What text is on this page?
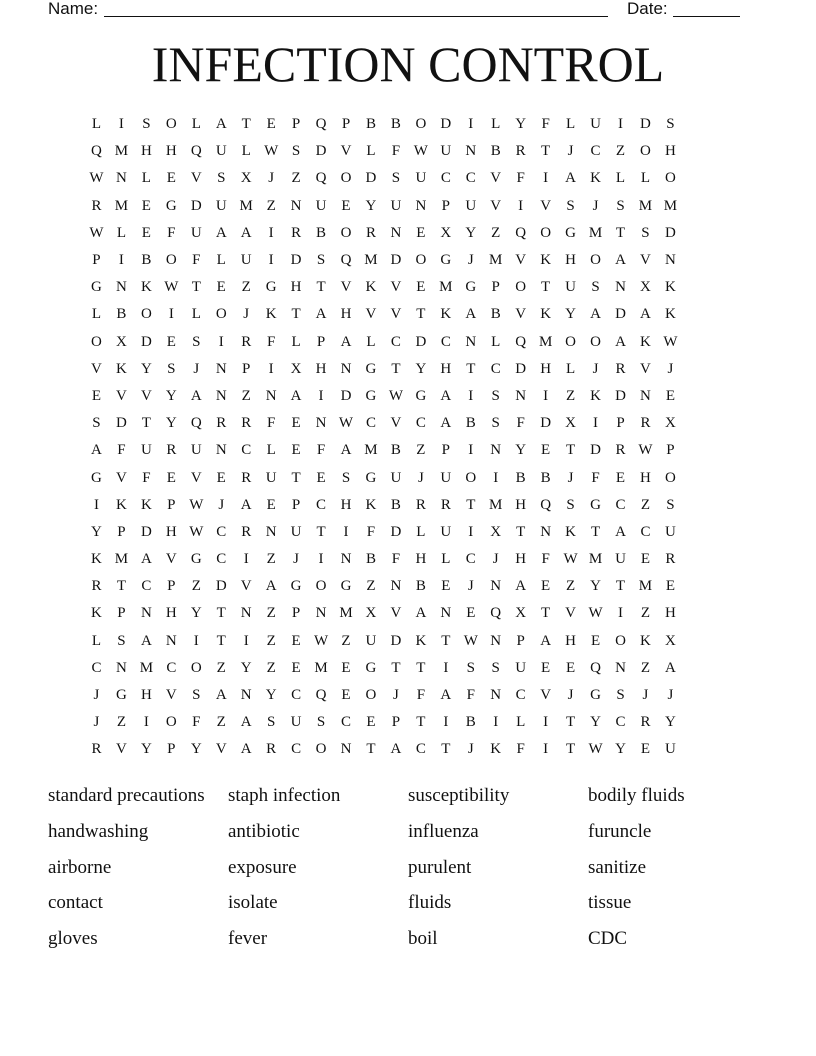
Name:	Date:
INFECTION CONTROL
L	I	S	O L A T	E	P	Q	P	B B O D	I	L Y	F	L U	I	D	S
Q M H H Q U L W S	D V L	F W U N B R	T	J	C	Z O H
W N L	E V	S	X	J	Z Q O D	S	U C C V	F	I	A K L	L O
R M E G D U M Z N U E Y U N	P	U V	I	V	S	J	S M M
W L	E	F	U A A	I	R B O R N E X Y Z Q O G M T	S	D
P	I	B O	F	L U	I	D	S	Q M D O G	J	M V K H O A V N
G N K W T	E	Z G H T V K V E M G	P	O T U	S	N X K
L	B O	I	L O	J	K T A H V V T K A B V K Y A D A K
O X D E	S	I	R	F	L	P	A L	C D C N L Q M O O A K W
V K Y	S	J	N	P	I	X H N G T Y H T	C D H L	J	R V	J
E V V Y A N Z N A	I	D G W G A	I	S	N	I	Z K D N E
S	D T Y Q R R	F	E N W C V C A B	S	F	D X	I	P	R X
A	F	U R U N C	L	E	F	A M B	Z	P	I	N Y E	T D R W P
G V	F	E V E	R U T	E	S	G U	J	U O	I	B B	J	F	E H O
I	K K	P W J	A E	P	C H K B R R	T M H Q	S	G C	Z	S
Y	P	D H W C R N U T	I	F	D L U	I	X T N K T A C U
K M A V G C	I	Z	J	I	N B	F	H L	C	J	H	F W M U E	R
R	T	C	P	Z D V A G O G Z N B	E	J	N A E	Z Y T M E
K	P	N H Y T N Z	P	N M X V A N E Q X T V W	I	Z H
L	S	A N	I	T	I	Z	E W Z U D K T W N	P	A H E O K X
C N M C O Z Y Z	E M E G T	T	I	S	S	U E	E Q N Z A
J	G H V	S	A N Y C Q E O	J	F	A	F	N C V	J	G	S	J	J
J	Z	I	O	F	Z A	S	U	S	C	E	P	T	I	B	I	L	I	T Y C R Y
R V Y	P	Y V A R C O N T A C	T	J	K	F	I	T W Y E U
standard precautions
handwashing
airborne
contact
gloves
staph infection
antibiotic
exposure
isolate
fever
susceptibility
influenza
purulent
fluids
boil
bodily fluids
furuncle
sanitize
tissue
CDC
